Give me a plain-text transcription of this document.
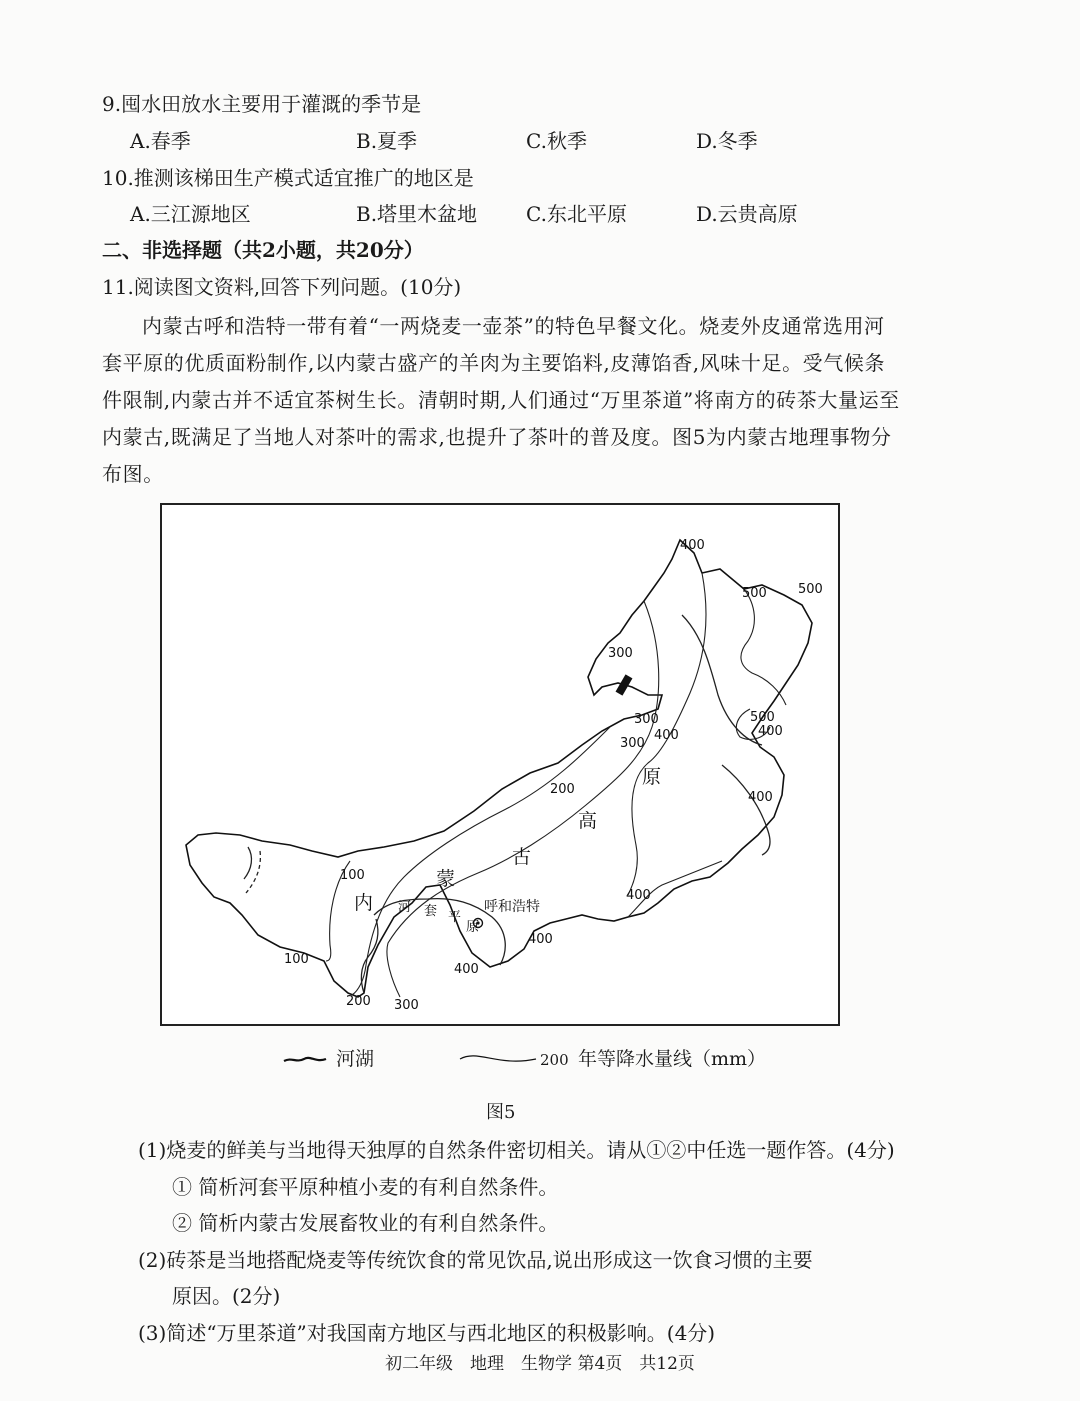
9.囤水田放水主要用于灌溉的季节是
A.春季	B.夏季	C.秋季	D.冬季
10.推测该梯田生产模式适宜推广的地区是
A.三江源地区	B.塔里木盆地 C.东北平原	D.云贵高原
二、非选择题（共2小题，共20分）
11.阅读图文资料,回答下列问题。(10分)
内蒙古呼和浩特一带有着“一两烧麦一壶茶”的特色早餐文化。烧麦外皮通常选用河套平原的优质面粉制作,以内蒙古盛产的羊肉为主要馅料,皮薄馅香,风味十足。受气候条件限制,内蒙古并不适宜茶树生长。清朝时期,人们通过“万里茶道”将南方的砖茶大量运至内蒙古,既满足了当地人对茶叶的需求,也提升了茶叶的普及度。图5为内蒙古地理事物分布图。
400
500 500
300
300
300
400
500
400
200
400
100
400
100
200 300
400
400
内
蒙
古
高
原
河 套 平
原
呼和浩特
河湖	200 年等降水量线（mm）
图5
(1)烧麦的鲜美与当地得天独厚的自然条件密切相关。请从①②中任选一题作答。(4分)
① 简析河套平原种植小麦的有利自然条件。
② 简析内蒙古发展畜牧业的有利自然条件。
(2)砖茶是当地搭配烧麦等传统饮食的常见饮品,说出形成这一饮食习惯的主要
原因。(2分)
(3)简述“万里茶道”对我国南方地区与西北地区的积极影响。(4分)
初二年级　地理　生物学 第4页　共12页
